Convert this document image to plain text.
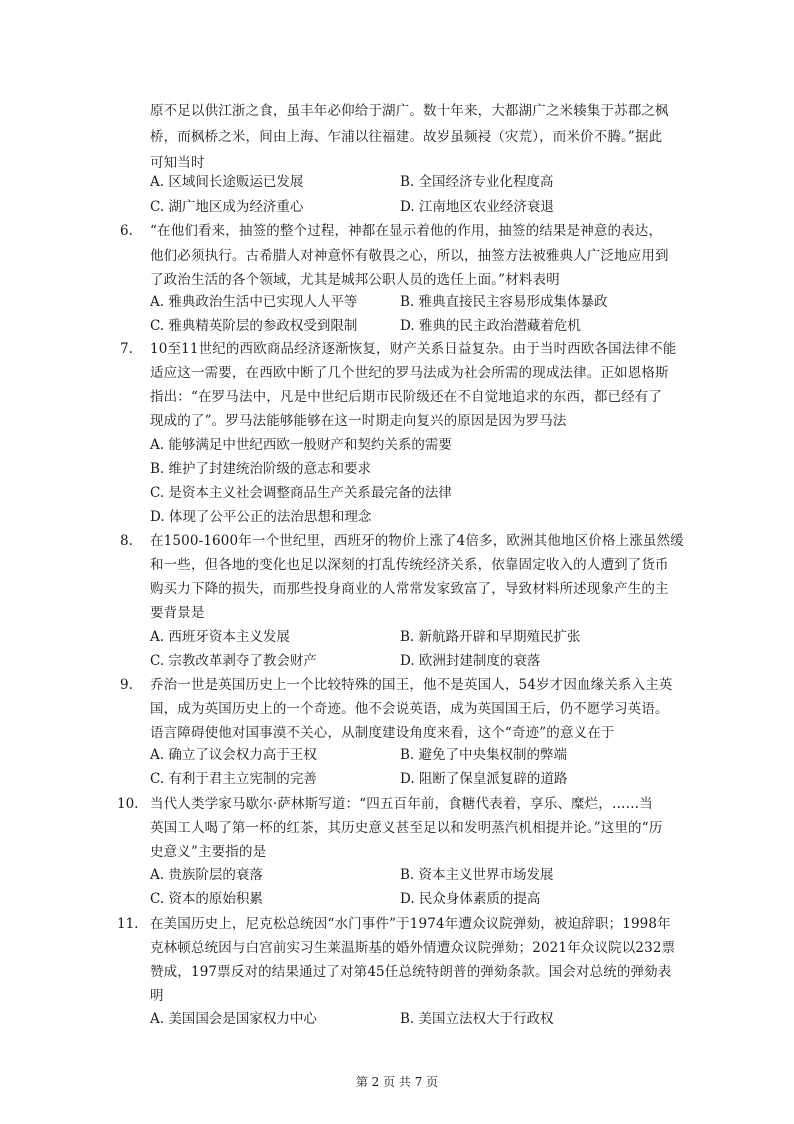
原不足以供江浙之食，虽丰年必仰给于湖广。数十年来，大都湖广之米辏集于苏郡之枫
桥，而枫桥之米，间由上海、乍浦以往福建。故岁虽频祲（灾荒），而米价不腾。”据此
可知当时
A. 区域间长途贩运已发展	B. 全国经济专业化程度高
C. 湖广地区成为经济重心	D. 江南地区农业经济衰退
6. “在他们看来，抽签的整个过程，神都在显示着他的作用，抽签的结果是神意的表达，
他们必须执行。古希腊人对神意怀有敬畏之心，所以，抽签方法被雅典人广泛地应用到
了政治生活的各个领域，尤其是城邦公职人员的选任上面。”材料表明
A. 雅典政治生活中已实现人人平等	B. 雅典直接民主容易形成集体暴政
C. 雅典精英阶层的参政权受到限制	D. 雅典的民主政治潜藏着危机
7. 10至11世纪的西欧商品经济逐渐恢复，财产关系日益复杂。由于当时西欧各国法律不能
适应这一需要，在西欧中断了几个世纪的罗马法成为社会所需的现成法律。正如恩格斯
指出：“在罗马法中，凡是中世纪后期市民阶级还在不自觉地追求的东西，都已经有了
现成的了”。罗马法能够能够在这一时期走向复兴的原因是因为罗马法
A. 能够满足中世纪西欧一般财产和契约关系的需要
B. 维护了封建统治阶级的意志和要求
C. 是资本主义社会调整商品生产关系最完备的法律
D. 体现了公平公正的法治思想和理念
8. 在1500-1600年一个世纪里，西班牙的物价上涨了4倍多，欧洲其他地区价格上涨虽然缓
和一些，但各地的变化也足以深刻的打乱传统经济关系，依靠固定收入的人遭到了货币
购买力下降的损失，而那些投身商业的人常常发家致富了，导致材料所述现象产生的主
要背景是
A. 西班牙资本主义发展	B. 新航路开辟和早期殖民扩张
C. 宗教改革剥夺了教会财产	D. 欧洲封建制度的衰落
9. 乔治一世是英国历史上一个比较特殊的国王，他不是英国人，54岁才因血缘关系入主英
国，成为英国历史上的一个奇迹。他不会说英语，成为英国国王后，仍不愿学习英语。
语言障碍使他对国事漠不关心，从制度建设角度来看，这个“奇迹”的意义在于
A. 确立了议会权力高于王权	B. 避免了中央集权制的弊端
C. 有利于君主立宪制的完善	D. 阻断了保皇派复辟的道路
10. 当代人类学家马歇尔·萨林斯写道：“四五百年前，食糖代表着，享乐、糜烂，……当
英国工人喝了第一杯的红茶，其历史意义甚至足以和发明蒸汽机相提并论。”这里的“历
史意义”主要指的是
A. 贵族阶层的衰落	B. 资本主义世界市场发展
C. 资本的原始积累	D. 民众身体素质的提高
11. 在美国历史上，尼克松总统因“水门事件”于1974年遭众议院弹劾，被迫辞职；1998年
克林顿总统因与白宫前实习生莱温斯基的婚外情遭众议院弹劾；2021年众议院以232票
赞成，197票反对的结果通过了对第45任总统特朗普的弹劾条款。国会对总统的弹劾表
明
A. 美国国会是国家权力中心	B. 美国立法权大于行政权
第 2 页 共 7 页
